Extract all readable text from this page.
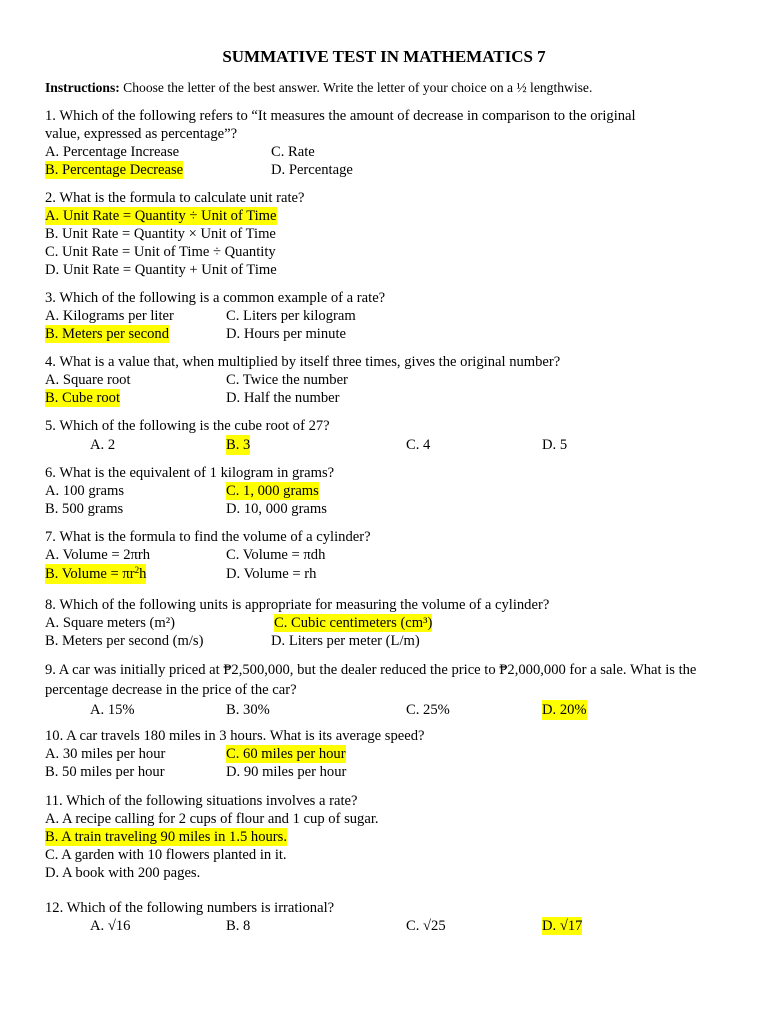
SUMMATIVE TEST IN MATHEMATICS 7
Instructions: Choose the letter of the best answer. Write the letter of your choice on a ½ lengthwise.
1. Which of the following refers to “It measures the amount of decrease in comparison to the original value, expressed as percentage”?
A. Percentage Increase	C. Rate
B. Percentage Decrease	D. Percentage
2. What is the formula to calculate unit rate?
A. Unit Rate = Quantity ÷ Unit of Time
B. Unit Rate = Quantity × Unit of Time
C. Unit Rate = Unit of Time ÷ Quantity
D. Unit Rate = Quantity + Unit of Time
3. Which of the following is a common example of a rate?
A. Kilograms per liter	C. Liters per kilogram
B. Meters per second	D. Hours per minute
4. What is a value that, when multiplied by itself three times, gives the original number?
A. Square root	C. Twice the number
B. Cube root	D. Half the number
5. Which of the following is the cube root of 27?
A. 2	B. 3	C. 4	D. 5
6. What is the equivalent of 1 kilogram in grams?
A. 100 grams	C. 1, 000 grams
B. 500 grams	D. 10, 000 grams
7. What is the formula to find the volume of a cylinder?
A. Volume = 2πrh	C. Volume = πdh
B. Volume = $\pi r^2h$	D. Volume = rh
8. Which of the following units is appropriate for measuring the volume of a cylinder?
A. Square meters (m²)	C. Cubic centimeters (cm³)
B. Meters per second (m/s)	D. Liters per meter (L/m)
9. A car was initially priced at ₱2,500,000, but the dealer reduced the price to ₱2,000,000 for a sale. What is the percentage decrease in the price of the car?
A. 15%	B. 30%	C. 25%	D. 20%
10. A car travels 180 miles in 3 hours. What is its average speed?
A. 30 miles per hour	C. 60 miles per hour
B. 50 miles per hour	D. 90 miles per hour
11. Which of the following situations involves a rate?
A. A recipe calling for 2 cups of flour and 1 cup of sugar.
B. A train traveling 90 miles in 1.5 hours.
C. A garden with 10 flowers planted in it.
D. A book with 200 pages.
12. Which of the following numbers is irrational?
A. √16	B. 8	C. √25	D. √17
